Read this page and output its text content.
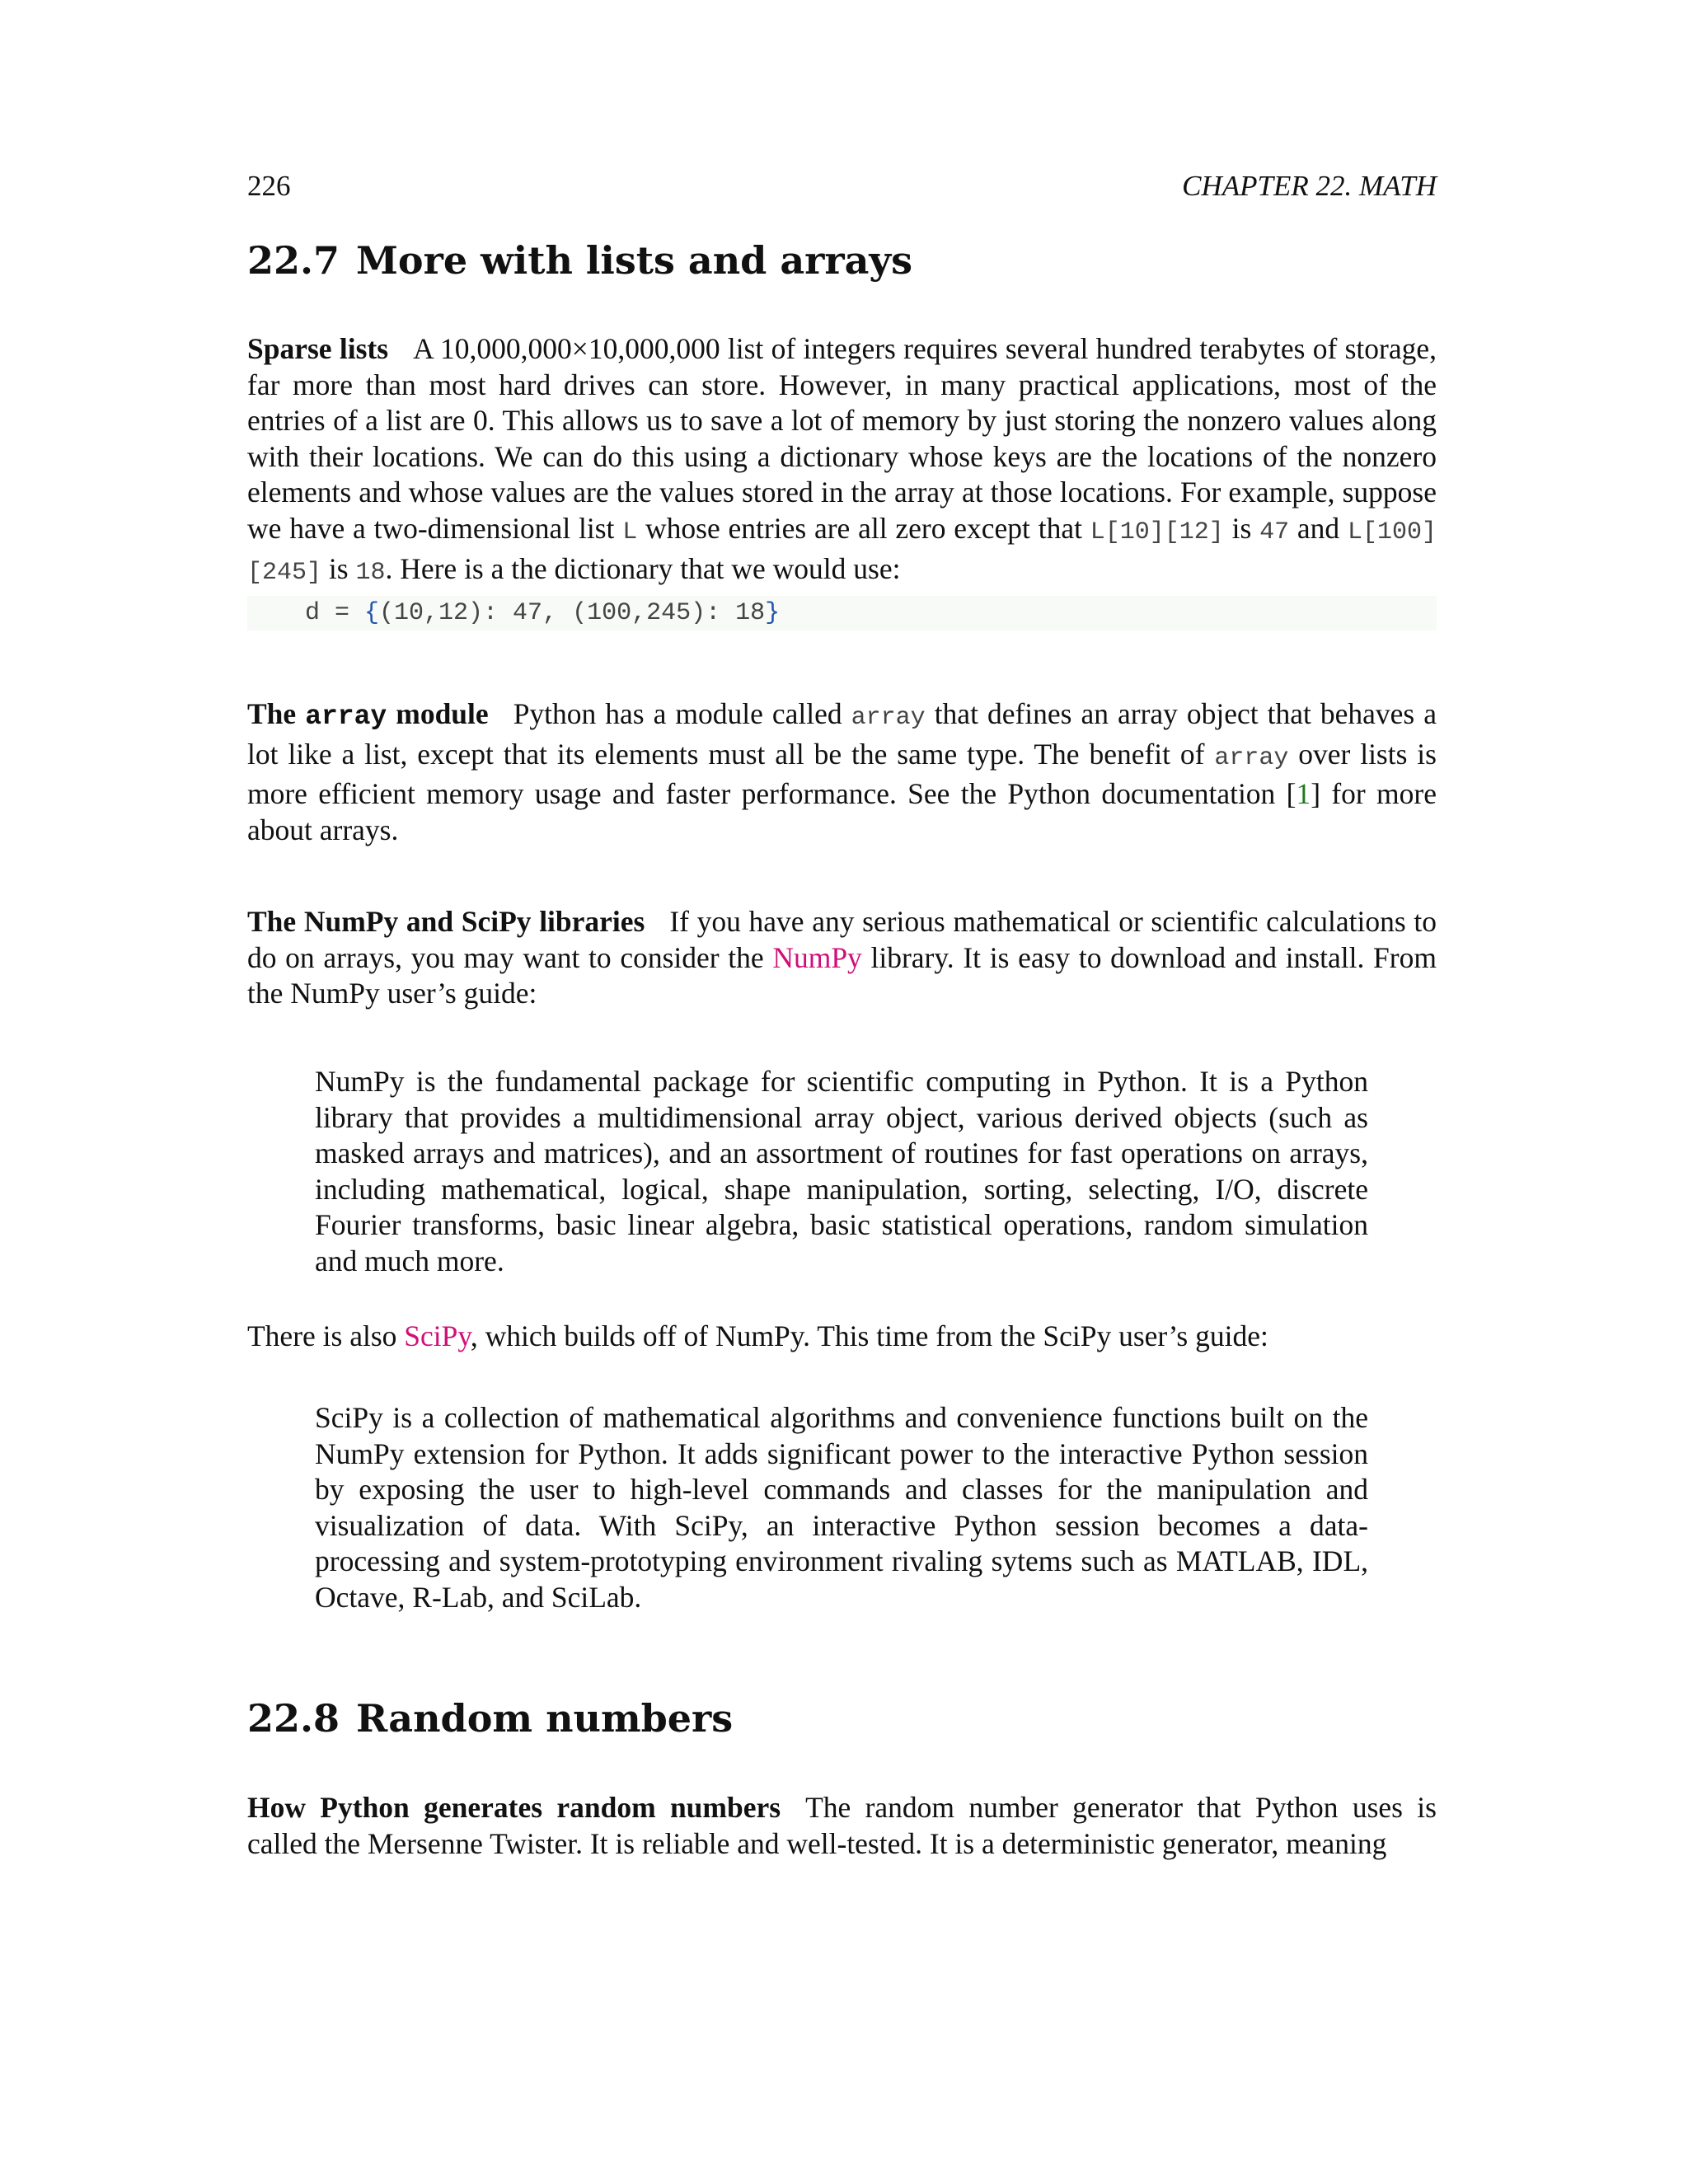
226	CHAPTER 22. MATH
22.7 More with lists and arrays

Sparse lists A 10,000,000×10,000,000 list of integers requires several hundred terabytes of storage, far more than most hard drives can store. However, in many practical applications, most of the entries of a list are 0. This allows us to save a lot of memory by just storing the nonzero values along with their locations. We can do this using a dictionary whose keys are the locations of the nonzero elements and whose values are the values stored in the array at those locations. For example, suppose we have a two-dimensional list L whose entries are all zero except that L[10][12] is 47 and L[100][245] is 18. Here is a the dictionary that we would use:

d = {(10,12): 47, (100,245): 18}

The array module Python has a module called array that defines an array object that behaves a lot like a list, except that its elements must all be the same type. The benefit of array over lists is more efficient memory usage and faster performance. See the Python documentation [1] for more about arrays.

The NumPy and SciPy libraries If you have any serious mathematical or scientific calculations to do on arrays, you may want to consider the NumPy library. It is easy to download and install. From the NumPy user’s guide:

NumPy is the fundamental package for scientific computing in Python. It is a Python library that provides a multidimensional array object, various derived objects (such as masked arrays and matrices), and an assortment of routines for fast operations on arrays, including mathematical, logical, shape manipulation, sorting, selecting, I/O, discrete Fourier transforms, basic linear algebra, basic statistical operations, random simulation and much more.

There is also SciPy, which builds off of NumPy. This time from the SciPy user’s guide:

SciPy is a collection of mathematical algorithms and convenience functions built on the NumPy extension for Python. It adds significant power to the interactive Python session by exposing the user to high-level commands and classes for the manipulation and visualization of data. With SciPy, an interactive Python session becomes a data-processing and system-prototyping environment rivaling sytems such as MATLAB, IDL, Octave, R-Lab, and SciLab.

22.8 Random numbers

How Python generates random numbers The random number generator that Python uses is called the Mersenne Twister. It is reliable and well-tested. It is a deterministic generator, meaning
